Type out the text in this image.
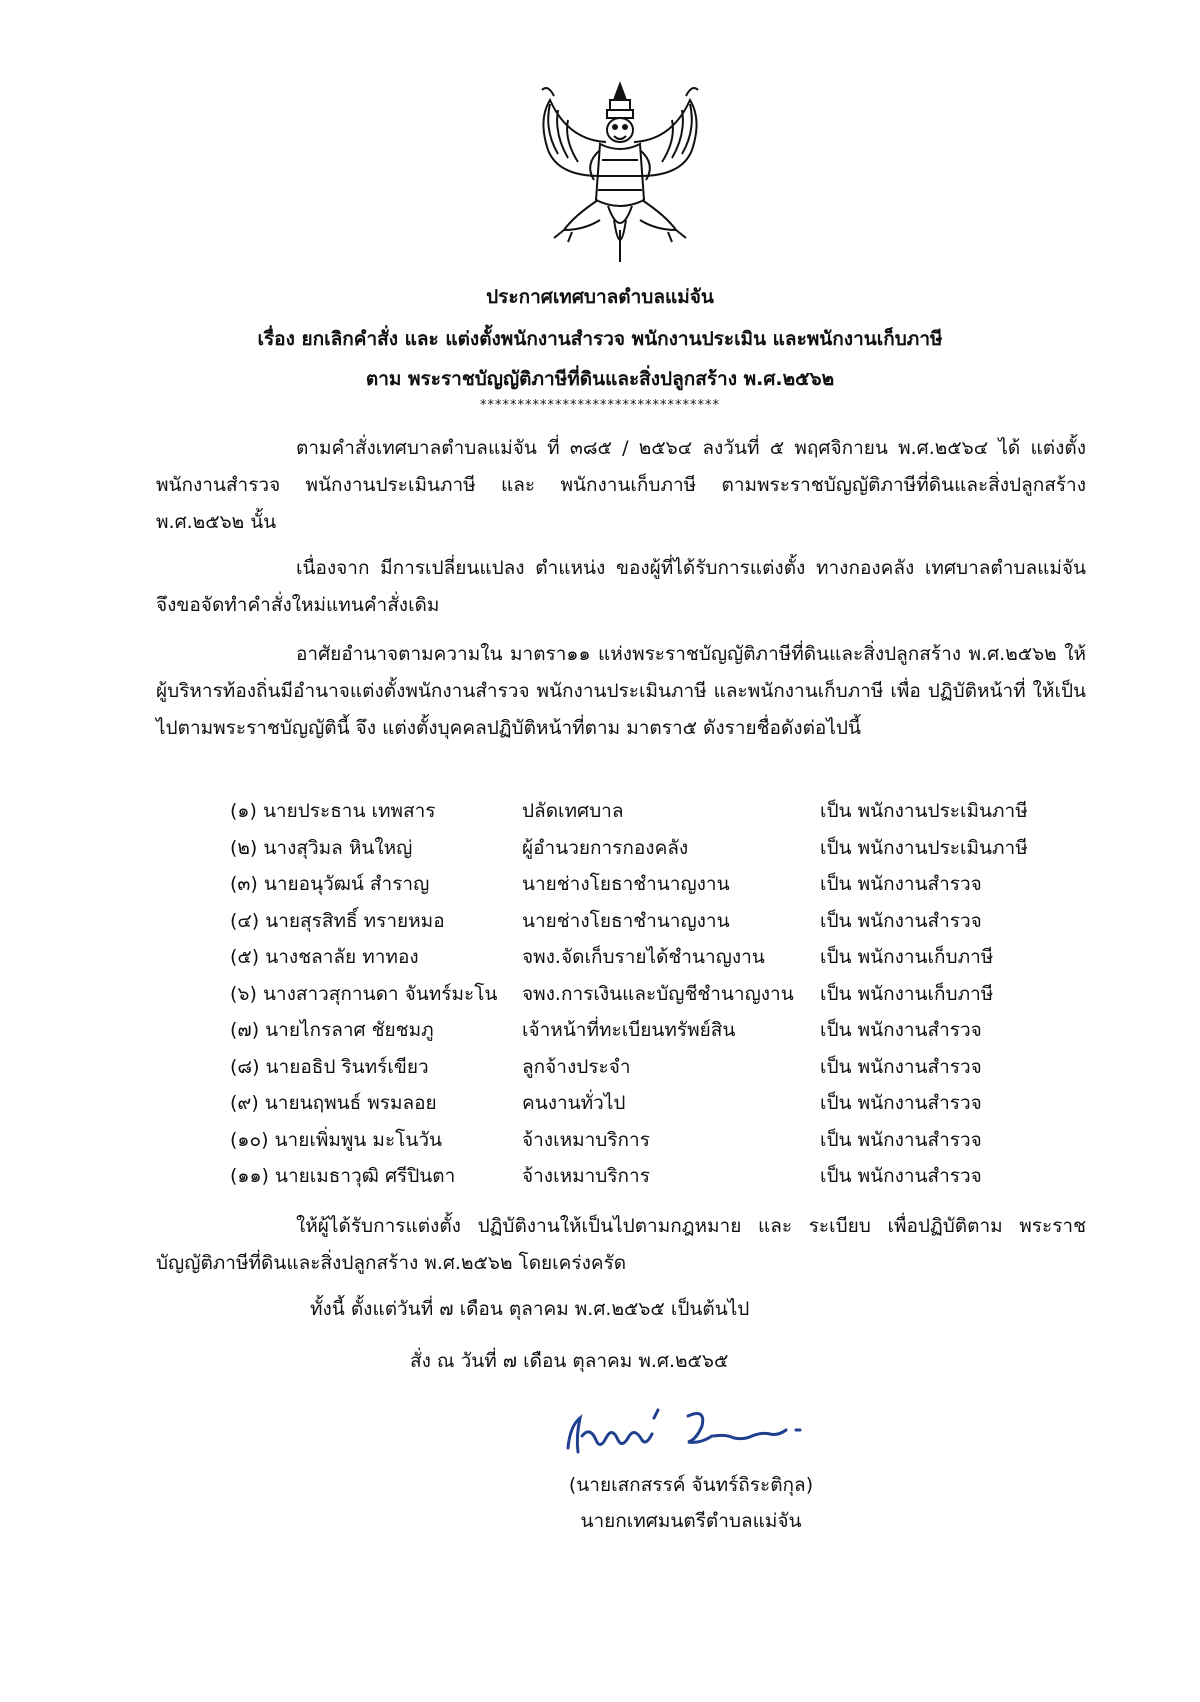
ประกาศเทศบาลตำบลแม่จัน
เรื่อง ยกเลิกคำสั่ง และ แต่งตั้งพนักงานสำรวจ พนักงานประเมิน และพนักงานเก็บภาษี
ตาม พระราชบัญญัติภาษีที่ดินและสิ่งปลูกสร้าง พ.ศ.๒๕๖๒
********************************
ตามคำสั่งเทศบาลตำบลแม่จัน ที่ ๓๘๕ / ๒๕๖๔ ลงวันที่ ๕ พฤศจิกายน พ.ศ.๒๕๖๔ ได้ แต่งตั้งพนักงานสำรวจ พนักงานประเมินภาษี และ พนักงานเก็บภาษี ตามพระราชบัญญัติภาษีที่ดินและสิ่งปลูกสร้าง พ.ศ.๒๕๖๒ นั้น
เนื่องจาก มีการเปลี่ยนแปลง ตำแหน่ง ของผู้ที่ได้รับการแต่งตั้ง ทางกองคลัง เทศบาลตำบลแม่จัน จึงขอจัดทำคำสั่งใหม่แทนคำสั่งเดิม
อาศัยอำนาจตามความใน มาตรา๑๑ แห่งพระราชบัญญัติภาษีที่ดินและสิ่งปลูกสร้าง พ.ศ.๒๕๖๒ ให้ผู้บริหารท้องถิ่นมีอำนาจแต่งตั้งพนักงานสำรวจ พนักงานประเมินภาษี และพนักงานเก็บภาษี เพื่อ ปฏิบัติหน้าที่ ให้เป็นไปตามพระราชบัญญัตินี้ จึง แต่งตั้งบุคคลปฏิบัติหน้าที่ตาม มาตรา๕ ดังรายชื่อดังต่อไปนี้
(๑) นายประธาน เทพสาร	ปลัดเทศบาล	เป็น พนักงานประเมินภาษี
(๒) นางสุวิมล หินใหญ่	ผู้อำนวยการกองคลัง	เป็น พนักงานประเมินภาษี
(๓) นายอนุวัฒน์ สำราญ	นายช่างโยธาชำนาญงาน	เป็น พนักงานสำรวจ
(๔) นายสุรสิทธิ์ ทรายหมอ	นายช่างโยธาชำนาญงาน	เป็น พนักงานสำรวจ
(๕) นางชลาลัย ทาทอง	จพง.จัดเก็บรายได้ชำนาญงาน	เป็น พนักงานเก็บภาษี
(๖) นางสาวสุกานดา จันทร์มะโน จพง.การเงินและบัญชีชำนาญงาน เป็น พนักงานเก็บภาษี
(๗) นายไกรลาศ ชัยชมภู	เจ้าหน้าที่ทะเบียนทรัพย์สิน	เป็น พนักงานสำรวจ
(๘) นายอธิป รินทร์เขียว	ลูกจ้างประจำ	เป็น พนักงานสำรวจ
(๙) นายนฤพนธ์ พรมลอย	คนงานทั่วไป	เป็น พนักงานสำรวจ
(๑๐) นายเพิ่มพูน มะโนวัน	จ้างเหมาบริการ	เป็น พนักงานสำรวจ
(๑๑) นายเมธาวุฒิ ศรีปินตา	จ้างเหมาบริการ	เป็น พนักงานสำรวจ
ให้ผู้ได้รับการแต่งตั้ง ปฏิบัติงานให้เป็นไปตามกฎหมาย และ ระเบียบ เพื่อปฏิบัติตาม พระราชบัญญัติภาษีที่ดินและสิ่งปลูกสร้าง พ.ศ.๒๕๖๒ โดยเคร่งครัด
ทั้งนี้ ตั้งแต่วันที่ ๗ เดือน ตุลาคม พ.ศ.๒๕๖๕ เป็นต้นไป
สั่ง ณ วันที่ ๗ เดือน ตุลาคม พ.ศ.๒๕๖๕
(นายเสกสรรค์ จันทร์ถิระติกุล)
นายกเทศมนตรีตำบลแม่จัน
